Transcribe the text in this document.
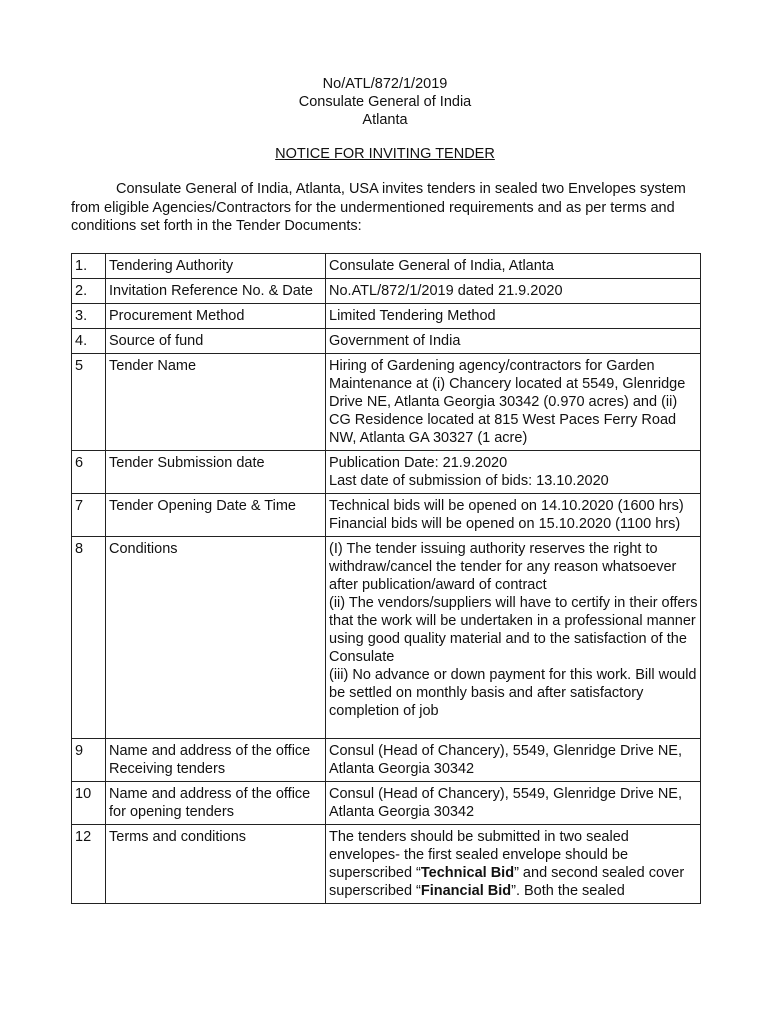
No/ATL/872/1/2019
Consulate General of India
Atlanta
NOTICE FOR INVITING TENDER
Consulate General of India, Atlanta, USA invites tenders in sealed two Envelopes system from eligible Agencies/Contractors for the undermentioned requirements and as per terms and conditions set forth in the Tender Documents:
1.	Tendering Authority	Consulate General of India, Atlanta

2.	Invitation Reference No. & Date	No.ATL/872/1/2019 dated 21.9.2020

3.	Procurement Method	Limited Tendering Method

4.	Source of fund	Government of India

5	Tender Name	Hiring of Gardening agency/contractors for Garden Maintenance at (i) Chancery located at 5549, Glenridge Drive NE, Atlanta Georgia 30342 (0.970 acres) and (ii) CG Residence located at 815 West Paces Ferry Road NW, Atlanta GA 30327 (1 acre)

6	Tender Submission date	Publication Date: 21.9.2020
Last date of submission of bids: 13.10.2020

7	Tender Opening Date & Time	Technical bids will be opened on 14.10.2020 (1600 hrs)
Financial bids will be opened on 15.10.2020 (1100 hrs)

8	Conditions	(I) The tender issuing authority reserves the right to withdraw/cancel the tender for any reason whatsoever after publication/award of contract
(ii) The vendors/suppliers will have to certify in their offers that the work will be undertaken in a professional manner using good quality material and to the satisfaction of the Consulate
(iii) No advance or down payment for this work. Bill would be settled on monthly basis and after satisfactory completion of job

9	Name and address of the office Receiving tenders	Consul (Head of Chancery), 5549, Glenridge Drive NE, Atlanta Georgia 30342

10	Name and address of the office for opening tenders	Consul (Head of Chancery), 5549, Glenridge Drive NE, Atlanta Georgia 30342

12	Terms and conditions	The tenders should be submitted in two sealed envelopes- the first sealed envelope should be superscribed “Technical Bid” and second sealed cover superscribed “Financial Bid”. Both the sealed
